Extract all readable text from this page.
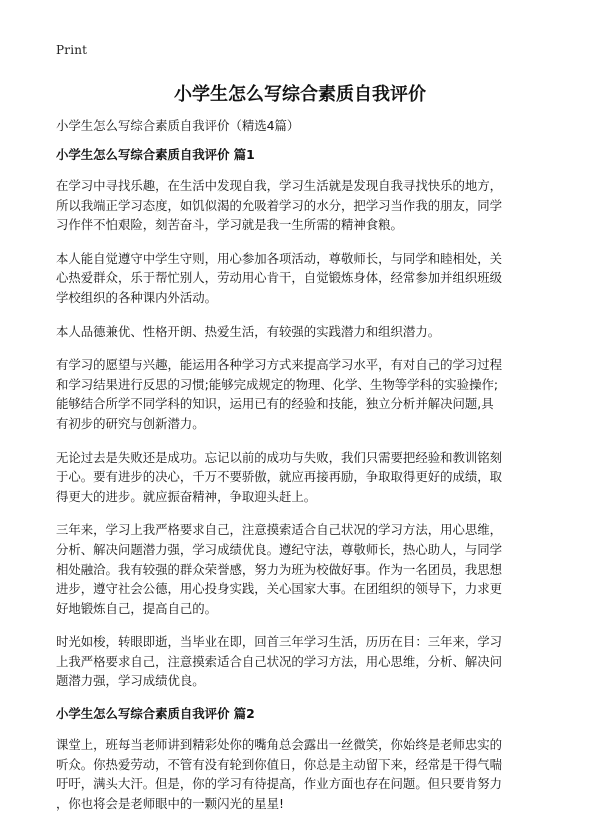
Print
小学生怎么写综合素质自我评价
小学生怎么写综合素质自我评价（精选4篇）
小学生怎么写综合素质自我评价 篇1
在学习中寻找乐趣，在生活中发现自我，学习生活就是发现自我寻找快乐的地方，
所以我端正学习态度，如饥似渴的允吸着学习的水分，把学习当作我的朋友，同学
习作伴不怕艰险，刻苦奋斗，学习就是我一生所需的精神食粮。
本人能自觉遵守中学生守则，用心参加各项活动，尊敬师长，与同学和睦相处，关
心热爱群众，乐于帮忙别人，劳动用心肯干，自觉锻炼身体，经常参加并组织班级
学校组织的各种课内外活动。
本人品德兼优、性格开朗、热爱生活，有较强的实践潜力和组织潜力。
有学习的愿望与兴趣，能运用各种学习方式来提高学习水平，有对自己的学习过程
和学习结果进行反思的习惯;能够完成规定的物理、化学、生物等学科的实验操作;
能够结合所学不同学科的知识，运用已有的经验和技能，独立分析并解决问题,具
有初步的研究与创新潜力。
无论过去是失败还是成功。忘记以前的成功与失败，我们只需要把经验和教训铭刻
于心。要有进步的决心，千万不要骄傲，就应再接再励，争取取得更好的成绩，取
得更大的进步。就应振奋精神，争取迎头赶上。
三年来，学习上我严格要求自己，注意摸索适合自己状况的学习方法，用心思维，
分析、解决问题潜力强，学习成绩优良。遵纪守法，尊敬师长，热心助人，与同学
相处融洽。我有较强的群众荣誉感，努力为班为校做好事。作为一名团员，我思想
进步，遵守社会公德，用心投身实践，关心国家大事。在团组织的领导下，力求更
好地锻炼自己，提高自己的。
时光如梭，转眼即逝，当毕业在即，回首三年学习生活，历历在目：三年来，学习
上我严格要求自己，注意摸索适合自己状况的学习方法，用心思维，分析、解决问
题潜力强，学习成绩优良。
小学生怎么写综合素质自我评价 篇2
课堂上，班每当老师讲到精彩处你的嘴角总会露出一丝微笑，你始终是老师忠实的
听众。你热爱劳动，不管有没有轮到你值日，你总是主动留下来，经常是干得气喘
吁吁，满头大汗。但是，你的学习有待提高，作业方面也存在问题。但只要肯努力
，你也将会是老师眼中的一颗闪光的星星!
